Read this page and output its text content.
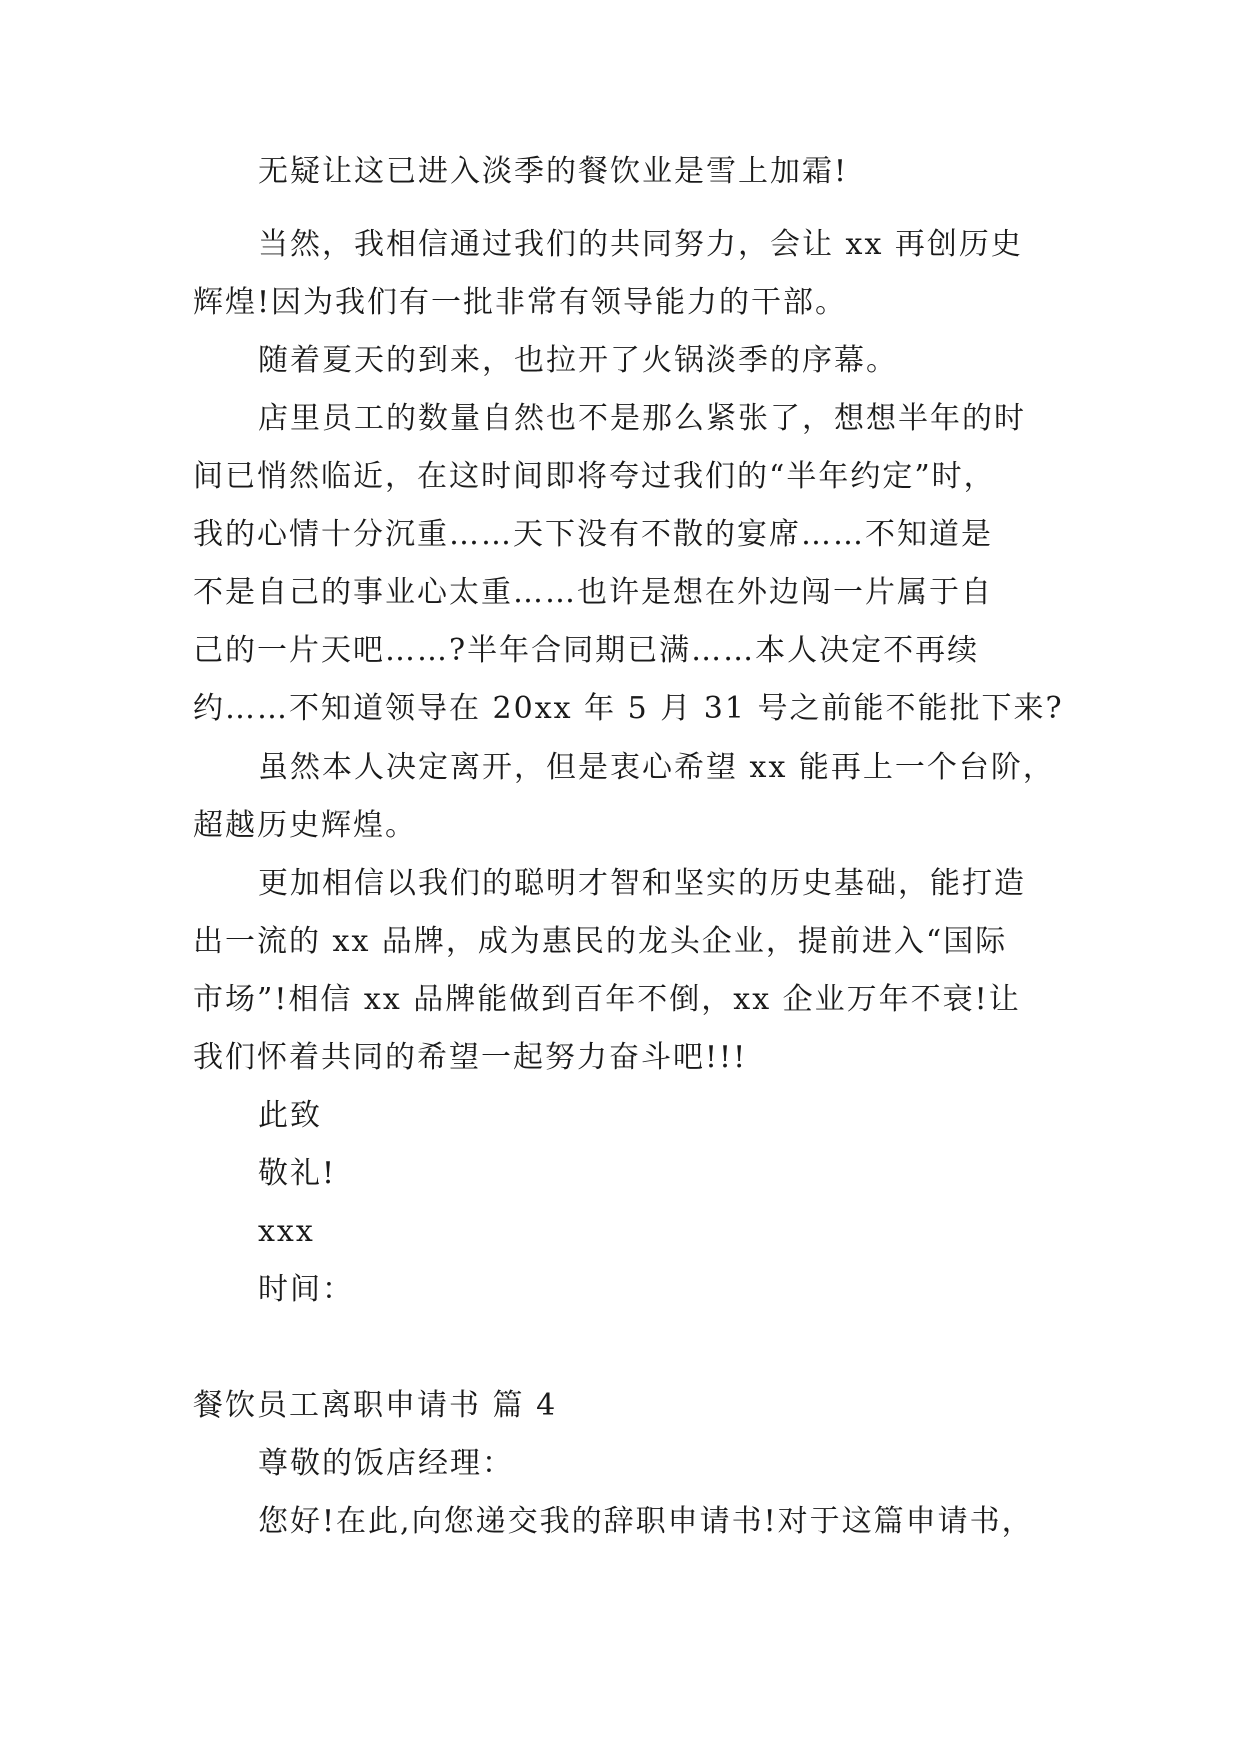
无疑让这已进入淡季的餐饮业是雪上加霜!
当然，我相信通过我们的共同努力，会让 xx 再创历史
辉煌!因为我们有一批非常有领导能力的干部。
随着夏天的到来，也拉开了火锅淡季的序幕。
店里员工的数量自然也不是那么紧张了，想想半年的时
间已悄然临近，在这时间即将夸过我们的“半年约定”时，
我的心情十分沉重……天下没有不散的宴席……不知道是
不是自己的事业心太重……也许是想在外边闯一片属于自
己的一片天吧……?半年合同期已满……本人决定不再续
约……不知道领导在 20xx 年 5 月 31 号之前能不能批下来?
虽然本人决定离开，但是衷心希望 xx 能再上一个台阶，
超越历史辉煌。
更加相信以我们的聪明才智和坚实的历史基础，能打造
出一流的 xx 品牌，成为惠民的龙头企业，提前进入“国际
市场”!相信 xx 品牌能做到百年不倒，xx 企业万年不衰!让
我们怀着共同的希望一起努力奋斗吧!!!
此致
敬礼!
xxx
时间：
餐饮员工离职申请书 篇 4
尊敬的饭店经理：
您好!在此,向您递交我的辞职申请书!对于这篇申请书，
